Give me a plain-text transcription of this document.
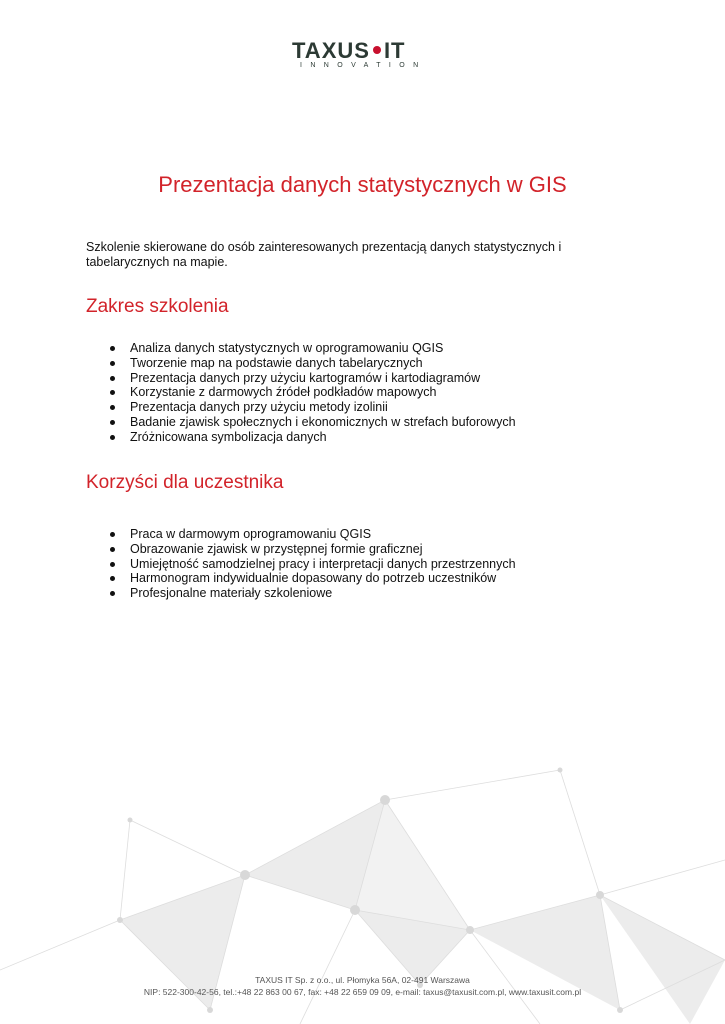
TAXUS IT
INNOVATION
Prezentacja danych statystycznych w GIS

Szkolenie skierowane do osób zainteresowanych prezentacją danych statystycznych i tabelarycznych na mapie.

Zakres szkolenia
Analiza danych statystycznych w oprogramowaniu QGIS
Tworzenie map na podstawie danych tabelarycznych
Prezentacja danych przy użyciu kartogramów i kartodiagramów
Korzystanie z darmowych źródeł podkładów mapowych
Prezentacja danych przy użyciu metody izolinii
Badanie zjawisk społecznych i ekonomicznych w strefach buforowych
Zróżnicowana symbolizacja danych
Korzyści dla uczestnika
Praca w darmowym oprogramowaniu QGIS
Obrazowanie zjawisk w przystępnej formie graficznej
Umiejętność samodzielnej pracy i interpretacji danych przestrzennych
Harmonogram indywidualnie dopasowany do potrzeb uczestników
Profesjonalne materiały szkoleniowe
TAXUS IT Sp. z o.o., ul. Płomyka 56A, 02-491 Warszawa
NIP: 522-300-42-56, tel.:+48 22 863 00 67, fax: +48 22 659 09 09, e-mail: taxus@taxusit.com.pl, www.taxusit.com.pl
